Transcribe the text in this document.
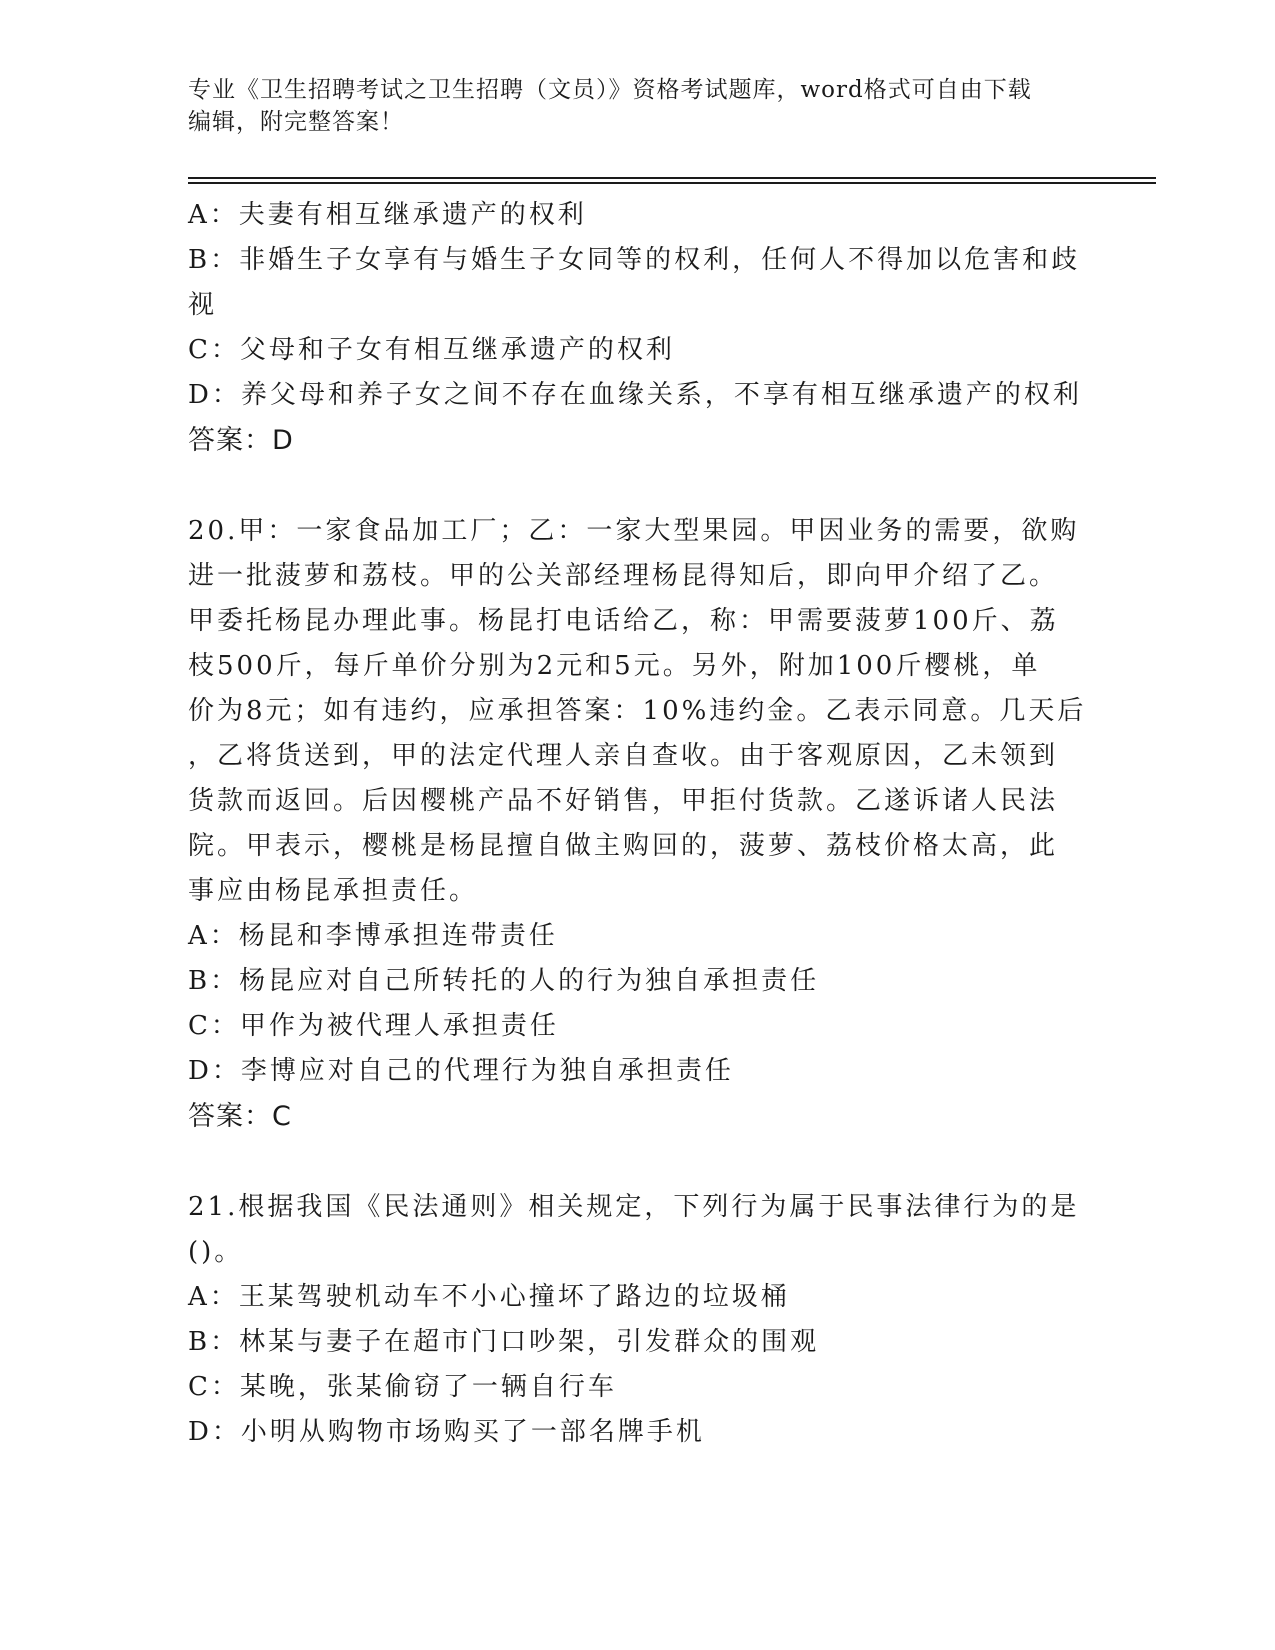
专业《卫生招聘考试之卫生招聘（文员）》资格考试题库，word格式可自由下载
编辑，附完整答案！

A：夫妻有相互继承遗产的权利

B：非婚生子女享有与婚生子女同等的权利，任何人不得加以危害和歧

视

C：父母和子女有相互继承遗产的权利

D：养父母和养子女之间不存在血缘关系，不享有相互继承遗产的权利

答案：D

20.甲：一家食品加工厂；乙：一家大型果园。甲因业务的需要，欲购

进一批菠萝和荔枝。甲的公关部经理杨昆得知后，即向甲介绍了乙。

甲委托杨昆办理此事。杨昆打电话给乙，称：甲需要菠萝100斤、荔

枝500斤，每斤单价分别为2元和5元。另外，附加100斤樱桃，单

价为8元；如有违约，应承担答案：10%违约金。乙表示同意。几天后

，乙将货送到，甲的法定代理人亲自查收。由于客观原因，乙未领到

货款而返回。后因樱桃产品不好销售，甲拒付货款。乙遂诉诸人民法

院。甲表示，樱桃是杨昆擅自做主购回的，菠萝、荔枝价格太高，此

事应由杨昆承担责任。

A：杨昆和李博承担连带责任

B：杨昆应对自己所转托的人的行为独自承担责任

C：甲作为被代理人承担责任

D：李博应对自己的代理行为独自承担责任

答案：C

21.根据我国《民法通则》相关规定，下列行为属于民事法律行为的是

()。

A：王某驾驶机动车不小心撞坏了路边的垃圾桶

B：林某与妻子在超市门口吵架，引发群众的围观

C：某晚，张某偷窃了一辆自行车

D：小明从购物市场购买了一部名牌手机
